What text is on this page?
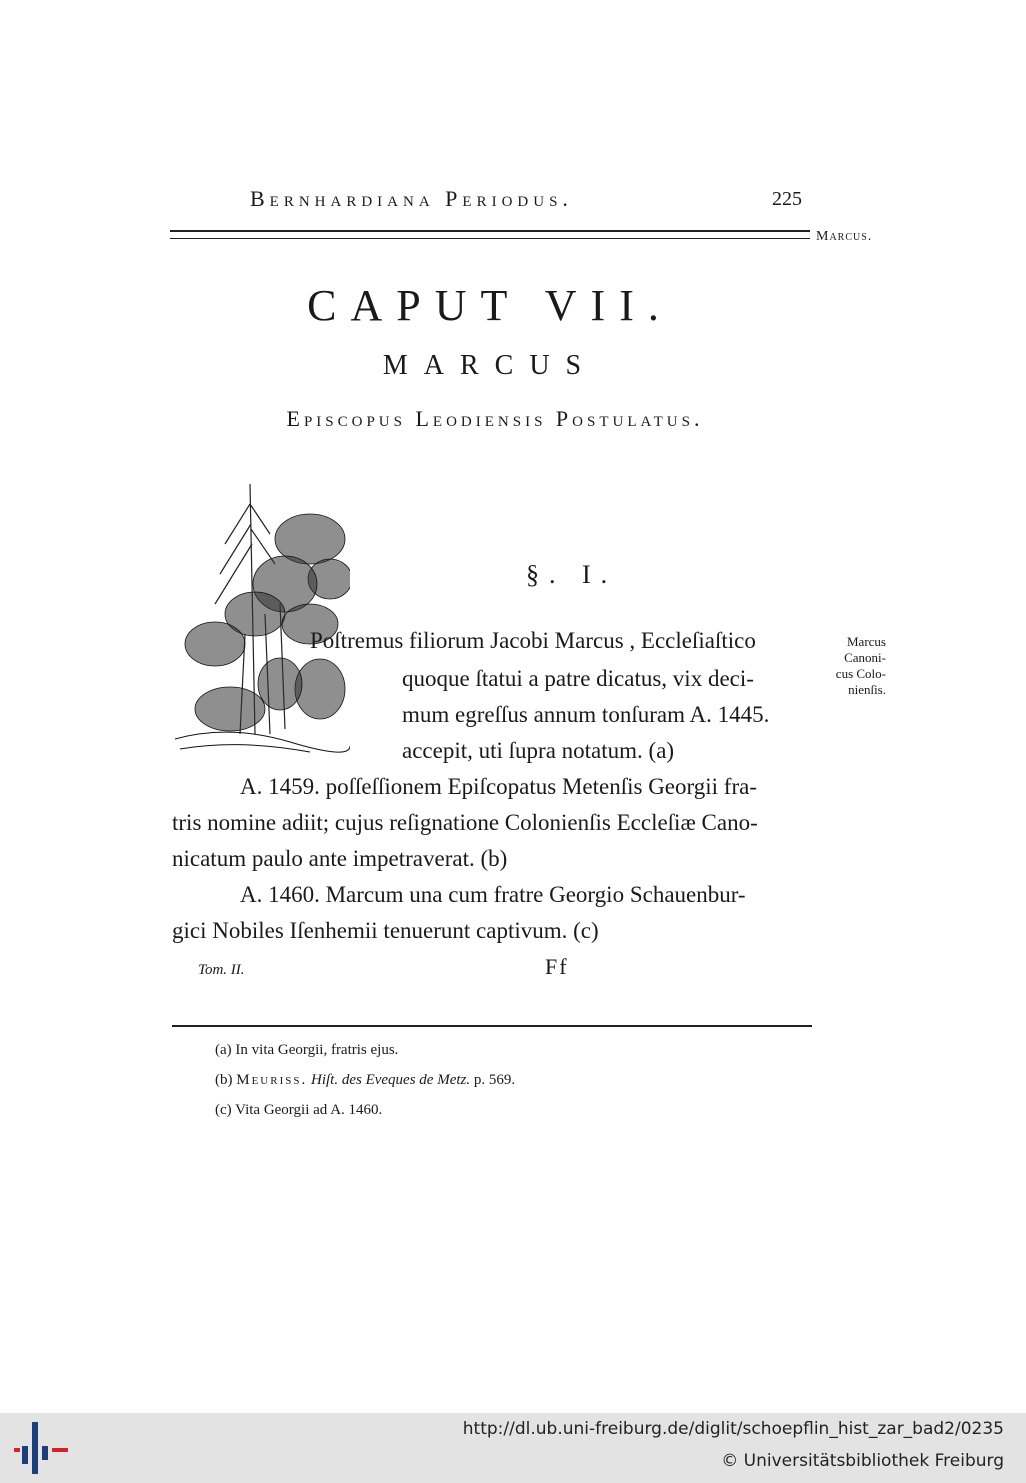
Bernhardiana Periodus.	225
Marcus.
CAPUT VII.
MARCUS
Episcopus Leodiensis Postulatus.
§. I.
Poſtremus filiorum Jacobi Marcus , Eccleſiaſtico
quoque ſtatui a patre dicatus, vix deci-
mum egreſſus annum tonſuram A. 1445.
accepit, uti ſupra notatum. (a)
A. 1459. poſſeſſionem Epiſcopatus Metenſis Georgii fra-
tris nomine adiit; cujus reſignatione Colonienſis Eccleſiæ Cano-
nicatum paulo ante impetraverat. (b)
A. 1460. Marcum una cum fratre Georgio Schauenbur-
gici Nobiles Iſenhemii tenuerunt captivum. (c)
Marcus
Canoni-
cus Colo-
nienſis.
Tom. II.	Ff
(a) In vita Georgii, fratris ejus.
(b) Meuriss. Hiſt. des Eveques de Metz. p. 569.
(c) Vita Georgii ad A. 1460.
http://dl.ub.uni-freiburg.de/diglit/schoepflin_hist_zar_bad2/0235
© Universitätsbibliothek Freiburg
